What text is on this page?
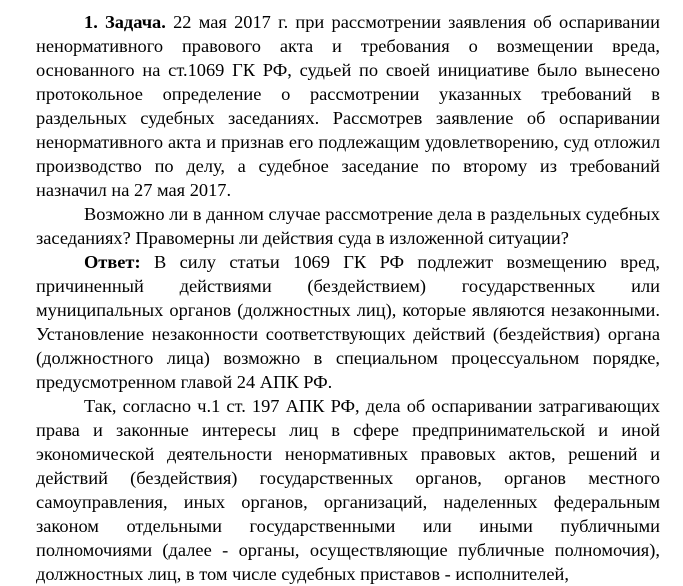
1. Задача. 22 мая 2017 г. при рассмотрении заявления об оспаривании ненормативного правового акта и требования о возмещении вреда, основанного на ст.1069 ГК РФ, судьей по своей инициативе было вынесено протокольное определение о рассмотрении указанных требований в раздельных судебных заседаниях. Рассмотрев заявление об оспаривании ненормативного акта и признав его подлежащим удовлетворению, суд отложил производство по делу, а судебное заседание по второму из требований назначил на 27 мая 2017.

Возможно ли в данном случае рассмотрение дела в раздельных судебных заседаниях? Правомерны ли действия суда в изложенной ситуации?

Ответ: В силу статьи 1069 ГК РФ подлежит возмещению вред, причиненный действиями (бездействием) государственных или муниципальных органов (должностных лиц), которые являются незаконными. Установление незаконности соответствующих действий (бездействия) органа (должностного лица) возможно в специальном процессуальном порядке, предусмотренном главой 24 АПК РФ.

Так, согласно ч.1 ст. 197 АПК РФ, дела об оспаривании затрагивающих права и законные интересы лиц в сфере предпринимательской и иной экономической деятельности ненормативных правовых актов, решений и действий (бездействия) государственных органов, органов местного самоуправления, иных органов, организаций, наделенных федеральным законом отдельными государственными или иными публичными полномочиями (далее - органы, осуществляющие публичные полномочия), должностных лиц, в том числе судебных приставов - исполнителей,
